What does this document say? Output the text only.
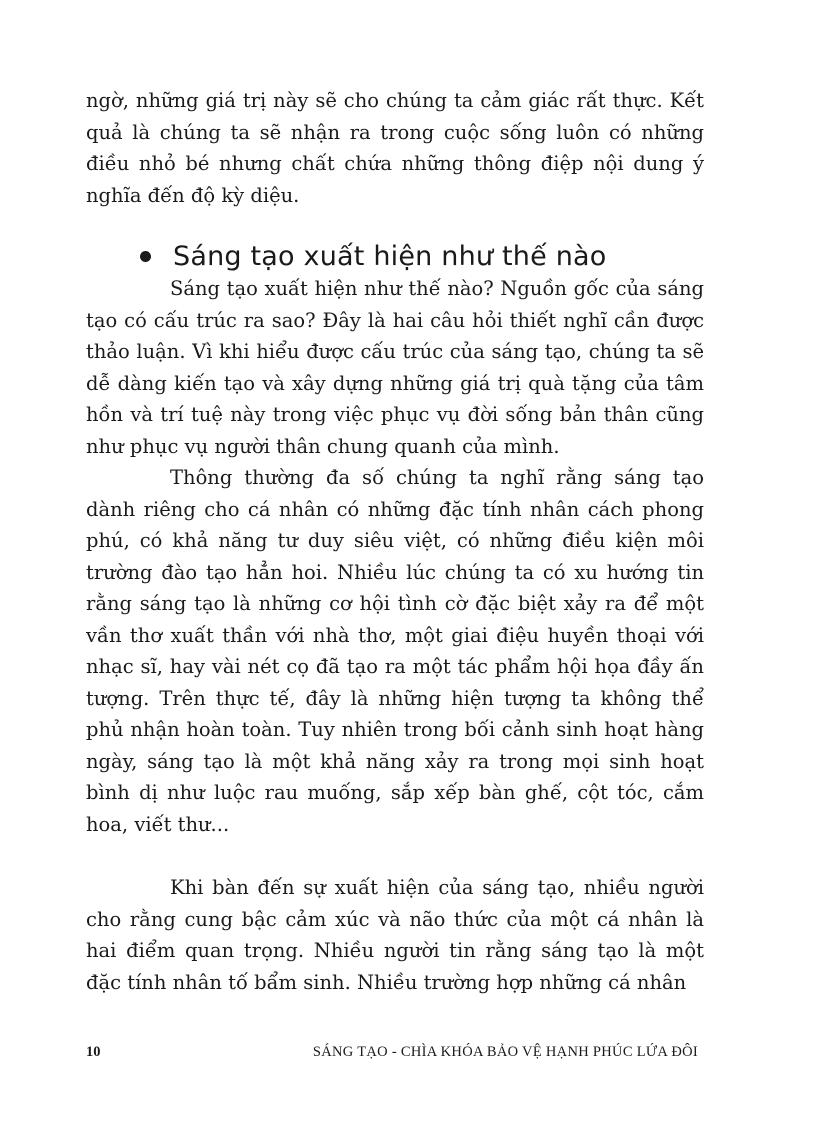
ngờ, những giá trị này sẽ cho chúng ta cảm giác rất thực. Kết quả là chúng ta sẽ nhận ra trong cuộc sống luôn có những điều nhỏ bé nhưng chất chứa những thông điệp nội dung ý nghĩa đến độ kỳ diệu.

Sáng tạo xuất hiện như thế nào

Sáng tạo xuất hiện như thế nào? Nguồn gốc của sáng tạo có cấu trúc ra sao? Đây là hai câu hỏi thiết nghĩ cần được thảo luận. Vì khi hiểu được cấu trúc của sáng tạo, chúng ta sẽ dễ dàng kiến tạo và xây dựng những giá trị quà tặng của tâm hồn và trí tuệ này trong việc phục vụ đời sống bản thân cũng như phục vụ người thân chung quanh của mình.

Thông thường đa số chúng ta nghĩ rằng sáng tạo dành riêng cho cá nhân có những đặc tính nhân cách phong phú, có khả năng tư duy siêu việt, có những điều kiện môi trường đào tạo hẳn hoi. Nhiều lúc chúng ta có xu hướng tin rằng sáng tạo là những cơ hội tình cờ đặc biệt xảy ra để một vần thơ xuất thần với nhà thơ, một giai điệu huyền thoại với nhạc sĩ, hay vài nét cọ đã tạo ra một tác phẩm hội họa đầy ấn tượng. Trên thực tế, đây là những hiện tượng ta không thể phủ nhận hoàn toàn. Tuy nhiên trong bối cảnh sinh hoạt hàng ngày, sáng tạo là một khả năng xảy ra trong mọi sinh hoạt bình dị như luộc rau muống, sắp xếp bàn ghế, cột tóc, cắm hoa, viết thư...

Khi bàn đến sự xuất hiện của sáng tạo, nhiều người cho rằng cung bậc cảm xúc và não thức của một cá nhân là hai điểm quan trọng. Nhiều người tin rằng sáng tạo là một đặc tính nhân tố bẩm sinh. Nhiều trường hợp những cá nhân

10	SÁNG TẠO - CHÌA KHÓA BẢO VỆ HẠNH PHÚC LỨA ĐÔI
